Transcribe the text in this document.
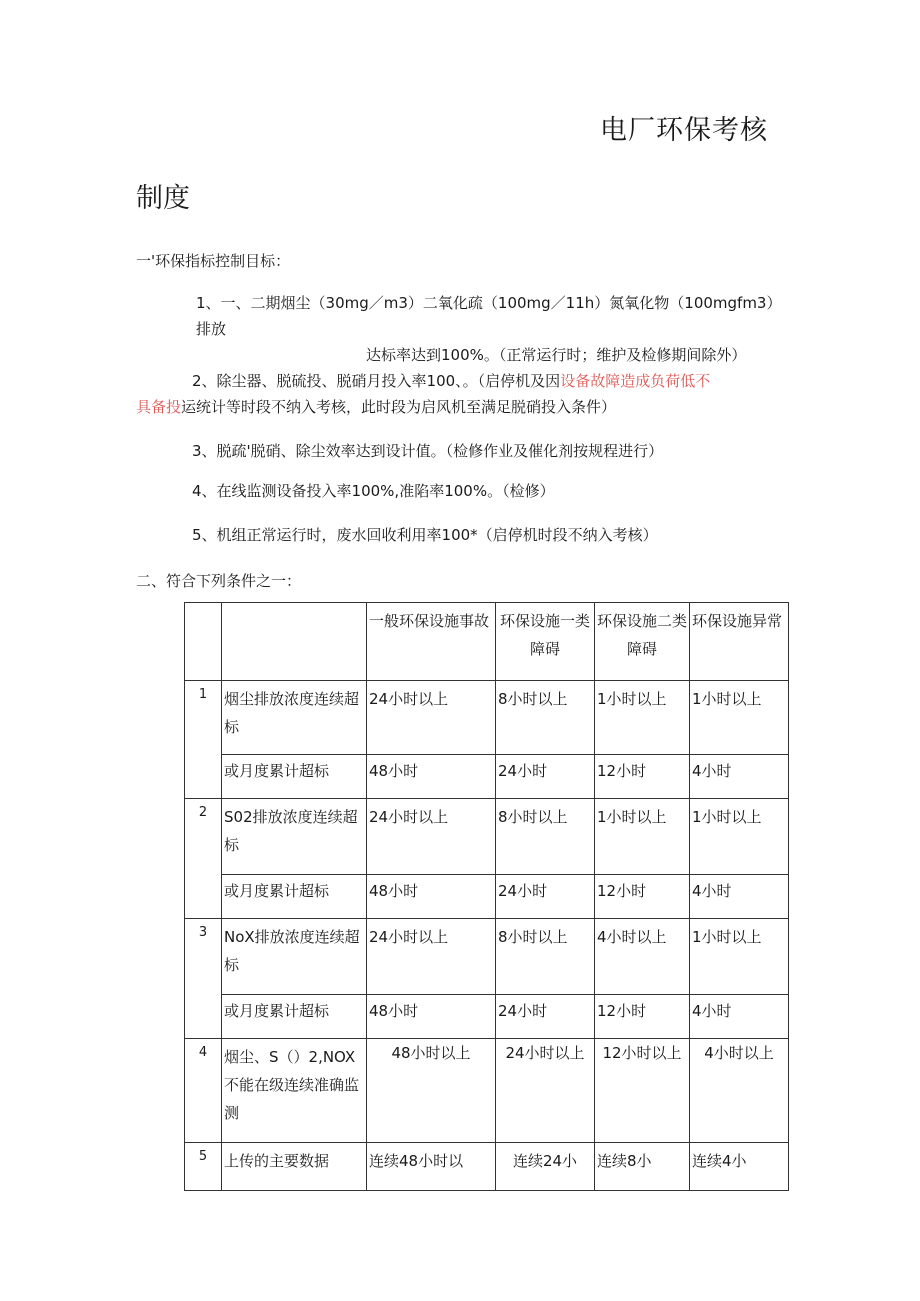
电厂环保考核
制度
一'环保指标控制目标：
1、一、二期烟尘（30mg／m3）二氧化疏（100mg／11h）氮氧化物（100mgfm3）排放
达标率达到100%。（正常运行时；维护及检修期间除外）
2、除尘器、脱硫投、脱硝月投入率100、。（启停机及因设备故障造成负荷低不
具备投运统计等时段不纳入考核，此时段为启风机至满足脱硝投入条件）
3、脱疏'脱硝、除尘效率达到设计值。（检修作业及催化剂按规程进行）
4、在线监测设备投入率100%,准陷率100%。（检修）
5、机组正常运行时，废水回收利用率100*（启停机时段不纳入考核）
二、符合下列条件之一：
		一般环保设施事故	环保设施一类障碍	环保设施二类障碍	环保设施异常
1	烟尘排放浓度连续超标	24小时以上	8小时以上	1小时以上	1小时以上
	或月度累计超标	48小时	24小时	12小时	4小时
2	S02排放浓度连续超标	24小时以上	8小时以上	1小时以上	1小时以上
	或月度累计超标	48小时	24小时	12小时	4小时
3	NoX排放浓度连续超标	24小时以上	8小时以上	4小时以上	1小时以上
	或月度累计超标	48小时	24小时	12小时	4小时
4	烟尘、S（）2,NOX不能在级连续准确监测	48小时以上	24小时以上	12小时以上	4小时以上
5	上传的主要数据	连续48小时以	连续24小	连续8小	连续4小
